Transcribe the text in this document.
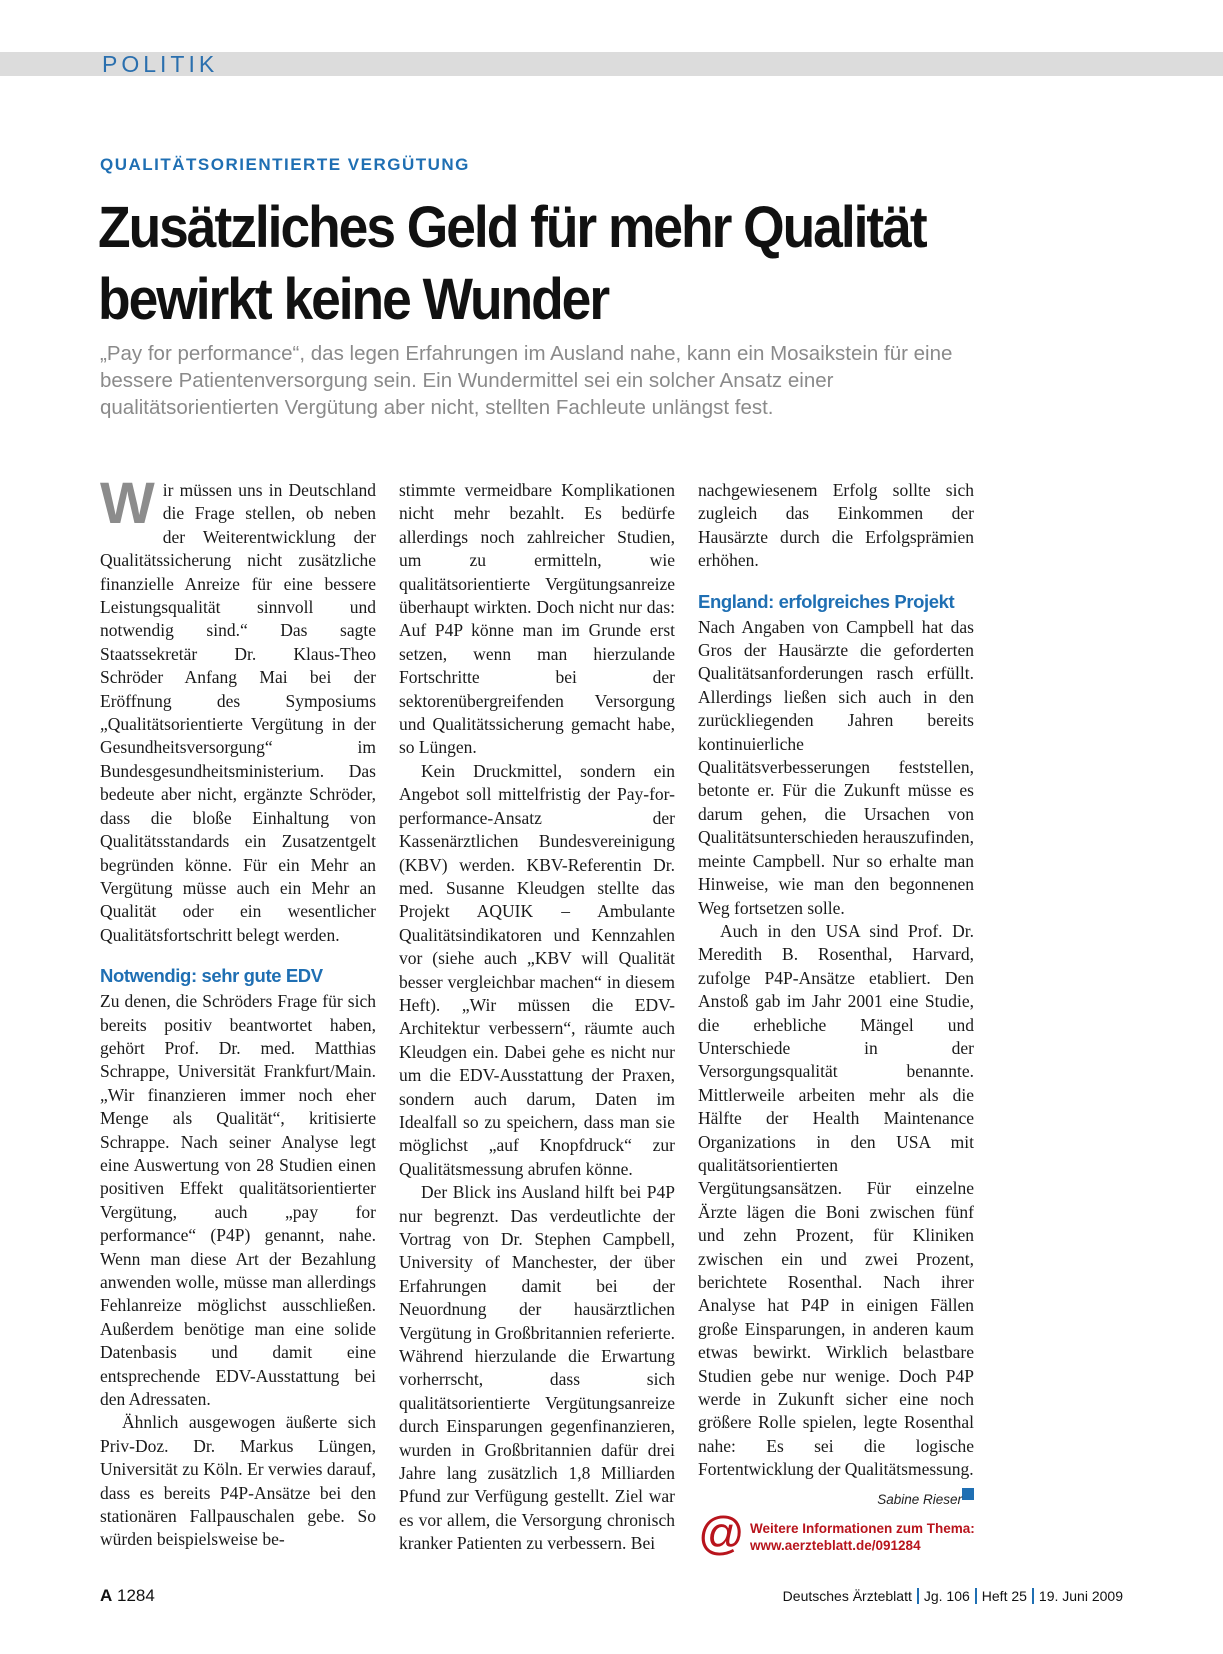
POLITIK
QUALITÄTSORIENTIERTE VERGÜTUNG
Zusätzliches Geld für mehr Qualität bewirkt keine Wunder

„Pay for performance“, das legen Erfahrungen im Ausland nahe, kann ein Mosaikstein für eine bessere Patientenversorgung sein. Ein Wundermittel sei ein solcher Ansatz einer qualitätsorientierten Vergütung aber nicht, stellten Fachleute unlängst fest.

Wir müssen uns in Deutschland die Frage stellen, ob neben der Weiterentwicklung der Qualitätssicherung nicht zusätzliche finanzielle Anreize für eine bessere Leistungsqualität sinnvoll und notwendig sind.“ Das sagte Staatssekretär Dr. Klaus-Theo Schröder Anfang Mai bei der Eröffnung des Symposiums „Qualitätsorientierte Vergütung in der Gesundheitsversorgung“ im Bundesgesundheitsministerium. Das bedeute aber nicht, ergänzte Schröder, dass die bloße Einhaltung von Qualitätsstandards ein Zusatzentgelt begründen könne. Für ein Mehr an Vergütung müsse auch ein Mehr an Qualität oder ein wesentlicher Qualitätsfortschritt belegt werden.

Notwendig: sehr gute EDV

Zu denen, die Schröders Frage für sich bereits positiv beantwortet haben, gehört Prof. Dr. med. Matthias Schrappe, Universität Frankfurt/Main. „Wir finanzieren immer noch eher Menge als Qualität“, kritisierte Schrappe. Nach seiner Analyse legt eine Auswertung von 28 Studien einen positiven Effekt qualitätsorientierter Vergütung, auch „pay for performance“ (P4P) genannt, nahe. Wenn man diese Art der Bezahlung anwenden wolle, müsse man allerdings Fehlanreize möglichst ausschließen. Außerdem benötige man eine solide Datenbasis und damit eine entsprechende EDV-Ausstattung bei den Adressaten.

Ähnlich ausgewogen äußerte sich Priv-Doz. Dr. Markus Lüngen, Universität zu Köln. Er verwies darauf, dass es bereits P4P-Ansätze bei den stationären Fallpauschalen gebe. So würden beispielsweise be-

stimmte vermeidbare Komplikationen nicht mehr bezahlt. Es bedürfe allerdings noch zahlreicher Studien, um zu ermitteln, wie qualitätsorientierte Vergütungsanreize überhaupt wirkten. Doch nicht nur das: Auf P4P könne man im Grunde erst setzen, wenn man hierzulande Fortschritte bei der sektorenübergreifenden Versorgung und Qualitätssicherung gemacht habe, so Lüngen.

Kein Druckmittel, sondern ein Angebot soll mittelfristig der Pay-for-performance-Ansatz der Kassenärztlichen Bundesvereinigung (KBV) werden. KBV-Referentin Dr. med. Susanne Kleudgen stellte das Projekt AQUIK – Ambulante Qualitätsindikatoren und Kennzahlen vor (siehe auch „KBV will Qualität besser vergleichbar machen“ in diesem Heft). „Wir müssen die EDV-Architektur verbessern“, räumte auch Kleudgen ein. Dabei gehe es nicht nur um die EDV-Ausstattung der Praxen, sondern auch darum, Daten im Idealfall so zu speichern, dass man sie möglichst „auf Knopfdruck“ zur Qualitätsmessung abrufen könne.

Der Blick ins Ausland hilft bei P4P nur begrenzt. Das verdeutlichte der Vortrag von Dr. Stephen Campbell, University of Manchester, der über Erfahrungen damit bei der Neuordnung der hausärztlichen Vergütung in Großbritannien referierte. Während hierzulande die Erwartung vorherrscht, dass sich qualitätsorientierte Vergütungsanreize durch Einsparungen gegenfinanzieren, wurden in Großbritannien dafür drei Jahre lang zusätzlich 1,8 Milliarden Pfund zur Verfügung gestellt. Ziel war es vor allem, die Versorgung chronisch kranker Patienten zu verbessern. Bei

nachgewiesenem Erfolg sollte sich zugleich das Einkommen der Hausärzte durch die Erfolgsprämien erhöhen.

England: erfolgreiches Projekt

Nach Angaben von Campbell hat das Gros der Hausärzte die geforderten Qualitätsanforderungen rasch erfüllt. Allerdings ließen sich auch in den zurückliegenden Jahren bereits kontinuierliche Qualitätsverbesserungen feststellen, betonte er. Für die Zukunft müsse es darum gehen, die Ursachen von Qualitätsunterschieden herauszufinden, meinte Campbell. Nur so erhalte man Hinweise, wie man den begonnenen Weg fortsetzen solle.

Auch in den USA sind Prof. Dr. Meredith B. Rosenthal, Harvard, zufolge P4P-Ansätze etabliert. Den Anstoß gab im Jahr 2001 eine Studie, die erhebliche Mängel und Unterschiede in der Versorgungsqualität benannte. Mittlerweile arbeiten mehr als die Hälfte der Health Maintenance Organizations in den USA mit qualitätsorientierten Vergütungsansätzen. Für einzelne Ärzte lägen die Boni zwischen fünf und zehn Prozent, für Kliniken zwischen ein und zwei Prozent, berichtete Rosenthal. Nach ihrer Analyse hat P4P in einigen Fällen große Einsparungen, in anderen kaum etwas bewirkt. Wirklich belastbare Studien gebe nur wenige. Doch P4P werde in Zukunft sicher eine noch größere Rolle spielen, legte Rosenthal nahe: Es sei die logische Fortentwicklung der Qualitätsmessung.

Sabine Rieser
@ Weitere Informationen zum Thema:
www.aerzteblatt.de/091284
A 1284	Deutsches Ärzteblatt Jg. 106 Heft 25 19. Juni 2009
